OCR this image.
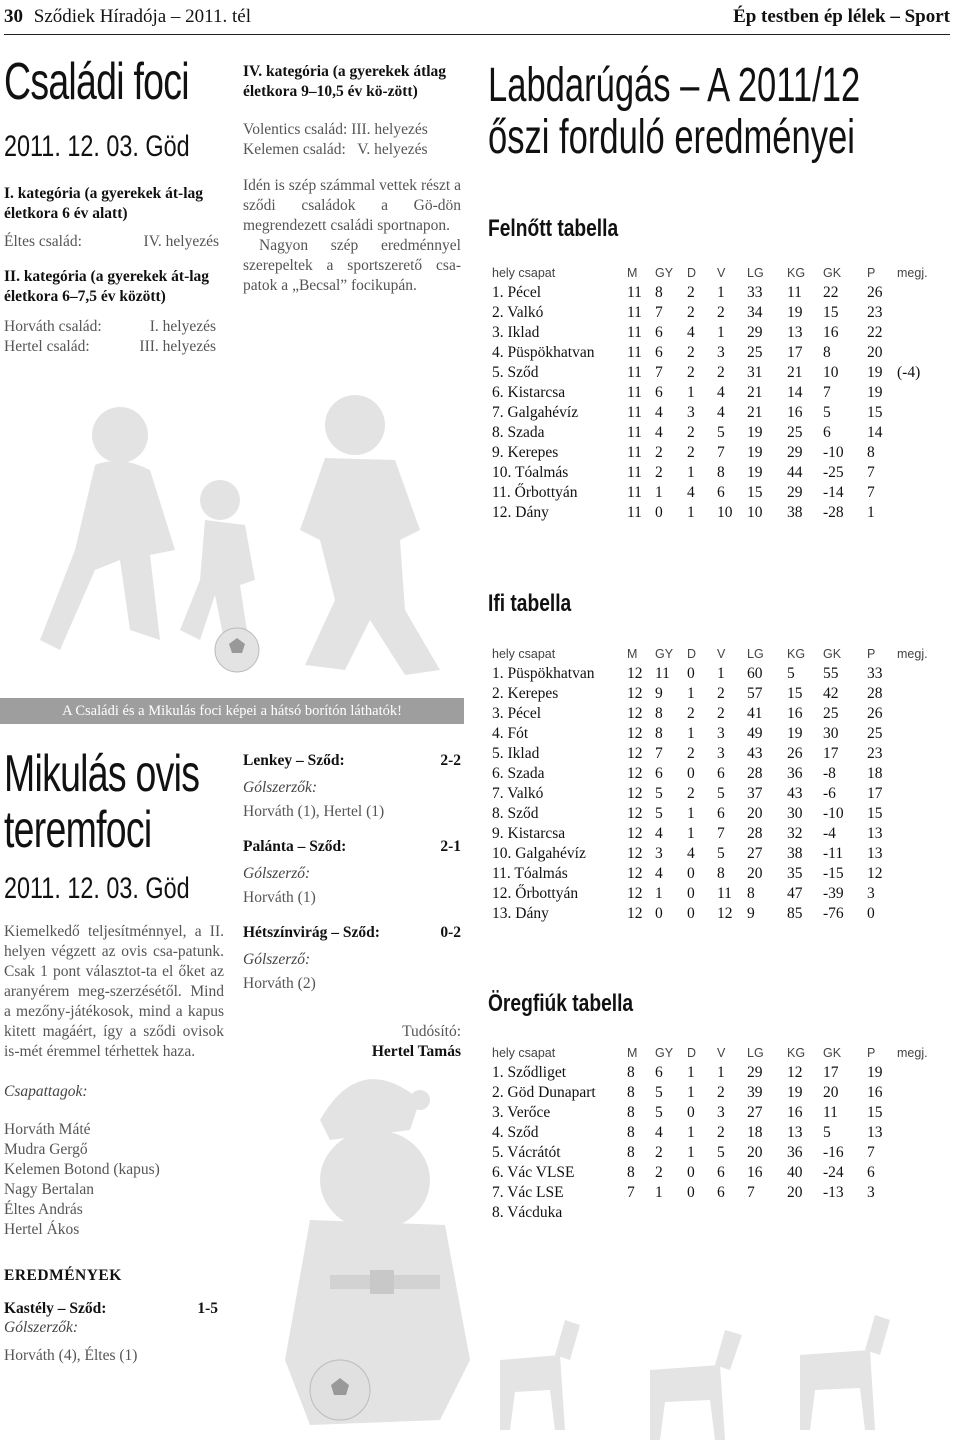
30 Sződiek Híradója – 2011. tél	Ép testben ép lélek – Sport
Családi foci
2011. 12. 03. Göd
I. kategória (a gyerekek át-lag életkora 6 év alatt)
Éltes család:	IV. helyezés
II. kategória (a gyerekek át-lag életkora 6–7,5 év között)
Horváth család:	I. helyezés
Hertel család:	III. helyezés
IV. kategória (a gyerekek átlag életkora 9–10,5 év kö-zött)
Volentics család: III. helyezés
Kelemen család:   V. helyezés
Idén is szép számmal vettek részt a sződi családok a Gö-dön megrendezett családi sportnapon.
Nagyon szép eredménnyel szerepeltek a sportszerető csa-patok a „Becsal” focikupán.
A Családi és a Mikulás foci képei a hátsó borítón láthatók!
Mikulás ovis
teremfoci
2011. 12. 03. Göd
Kiemelkedő teljesítménnyel, a II. helyen végzett az ovis csa-patunk. Csak 1 pont választot-ta el őket az aranyérem meg-szerzésétől. Mind a mezőny-játékosok, mind a kapus kitett magáért, így a sződi ovisok is-mét éremmel térhettek haza.
Csapattagok:
Horváth Máté
Mudra Gergő
Kelemen Botond (kapus)
Nagy Bertalan
Éltes András
Hertel Ákos
EREDMÉNYEK
Kastély – Sződ:	1-5
Gólszerzők:
Horváth (4), Éltes (1)
Lenkey – Sződ:	2-2
Gólszerzők:
Horváth (1), Hertel (1)
Palánta – Sződ:	2-1
Gólszerző:
Horváth (1)
Hétszínvirág – Sződ:	0-2
Gólszerző:
Horváth (2)
Tudósító:
Hertel Tamás
Labdarúgás – A 2011/12
őszi forduló eredményei
Felnőtt tabella
hely csapat	M	GY	D	V	LG	KG	GK	P	megj.
1. Pécel	11	8	2	1	33	11	22	26	
2. Valkó	11	7	2	2	34	19	15	23	
3. Iklad	11	6	4	1	29	13	16	22	
4. Püspökhatvan	11	6	2	3	25	17	8	20	
5. Sződ	11	7	2	2	31	21	10	19	(-4)
6. Kistarcsa	11	6	1	4	21	14	7	19	
7. Galgahévíz	11	4	3	4	21	16	5	15	
8. Szada	11	4	2	5	19	25	6	14	
9. Kerepes	11	2	2	7	19	29	-10	8	
10. Tóalmás	11	2	1	8	19	44	-25	7	
11. Őrbottyán	11	1	4	6	15	29	-14	7	
12. Dány	11	0	1	10	10	38	-28	1	
Ifi tabella
hely csapat	M	GY	D	V	LG	KG	GK	P	megj.
1. Püspökhatvan	12	11	0	1	60	5	55	33	
2. Kerepes	12	9	1	2	57	15	42	28	
3. Pécel	12	8	2	2	41	16	25	26	
4. Fót	12	8	1	3	49	19	30	25	
5. Iklad	12	7	2	3	43	26	17	23	
6. Szada	12	6	0	6	28	36	-8	18	
7. Valkó	12	5	2	5	37	43	-6	17	
8. Sződ	12	5	1	6	20	30	-10	15	
9. Kistarcsa	12	4	1	7	28	32	-4	13	
10. Galgahévíz	12	3	4	5	27	38	-11	13	
11. Tóalmás	12	4	0	8	20	35	-15	12	
12. Őrbottyán	12	1	0	11	8	47	-39	3	
13. Dány	12	0	0	12	9	85	-76	0	
Öregfiúk tabella
hely csapat	M	GY	D	V	LG	KG	GK	P	megj.
1. Sződliget	8	6	1	1	29	12	17	19	
2. Göd Dunapart	8	5	1	2	39	19	20	16	
3. Verőce	8	5	0	3	27	16	11	15	
4. Sződ	8	4	1	2	18	13	5	13	
5. Vácrátót	8	2	1	5	20	36	-16	7	
6. Vác VLSE	8	2	0	6	16	40	-24	6	
7. Vác LSE	7	1	0	6	7	20	-13	3	
8. Vácduka									
